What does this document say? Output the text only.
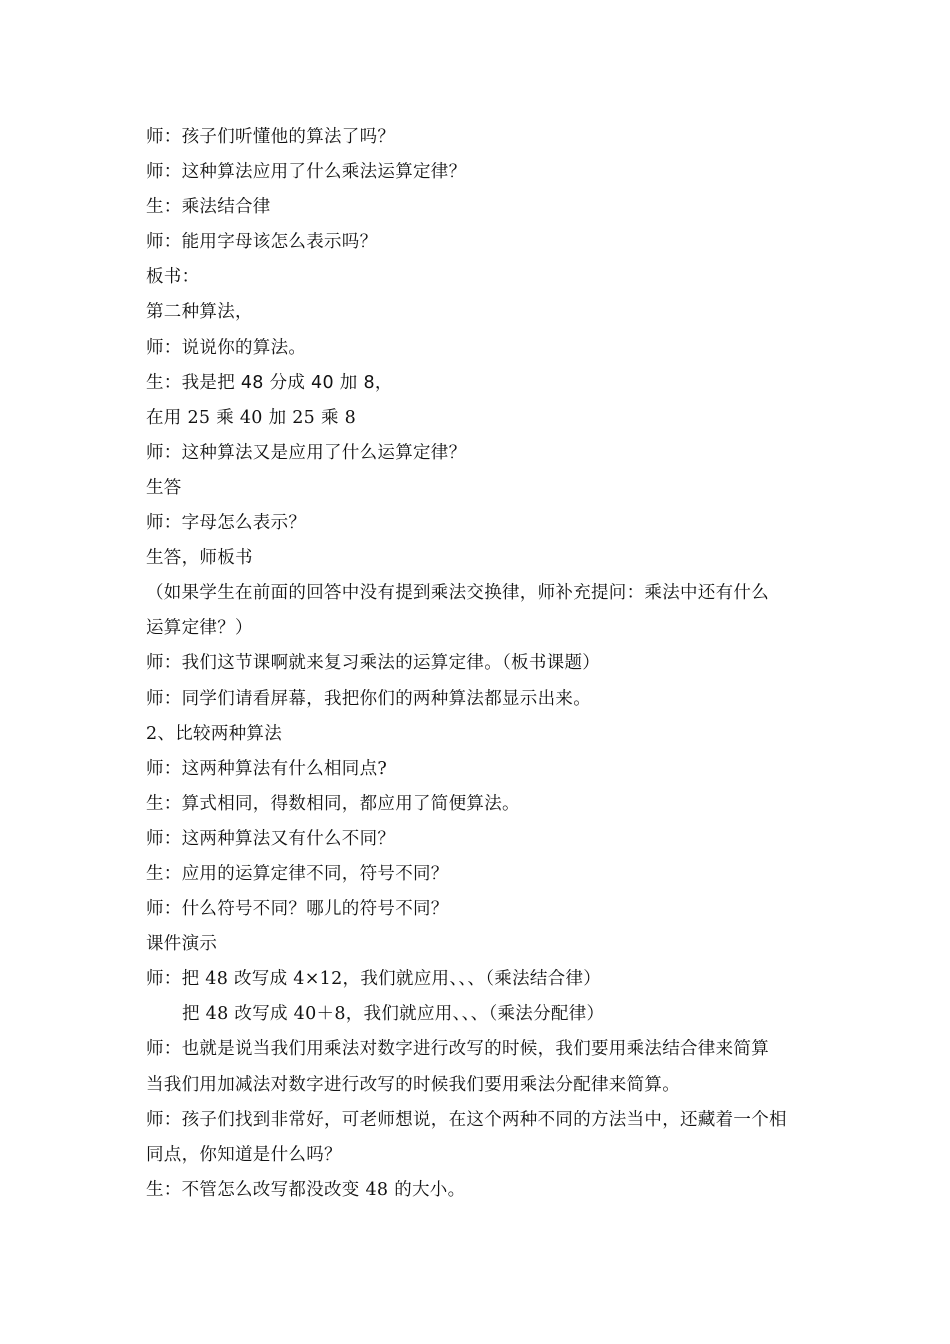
师：孩子们听懂他的算法了吗？
师：这种算法应用了什么乘法运算定律？
生：乘法结合律
师：能用字母该怎么表示吗？
板书：
第二种算法，
师：说说你的算法。
生：我是把 48 分成 40 加 8，
在用 25 乘 40 加 25 乘 8
师：这种算法又是应用了什么运算定律？
生答
师：字母怎么表示？
生答，师板书
（如果学生在前面的回答中没有提到乘法交换律，师补充提问：乘法中还有什么
运算定律？）
师：我们这节课啊就来复习乘法的运算定律。（板书课题）
师：同学们请看屏幕，我把你们的两种算法都显示出来。
2、比较两种算法
师：这两种算法有什么相同点?
生：算式相同，得数相同，都应用了简便算法。
师：这两种算法又有什么不同？
生：应用的运算定律不同，符号不同？
师：什么符号不同？哪儿的符号不同？
课件演示
师：把 48 改写成 4×12，我们就应用、、、（乘法结合律）
把 48 改写成 40＋8，我们就应用、、、（乘法分配律）
师：也就是说当我们用乘法对数字进行改写的时候，我们要用乘法结合律来简算
当我们用加减法对数字进行改写的时候我们要用乘法分配律来简算。
师：孩子们找到非常好，可老师想说，在这个两种不同的方法当中，还藏着一个相
同点，你知道是什么吗？
生：不管怎么改写都没改变 48 的大小。
